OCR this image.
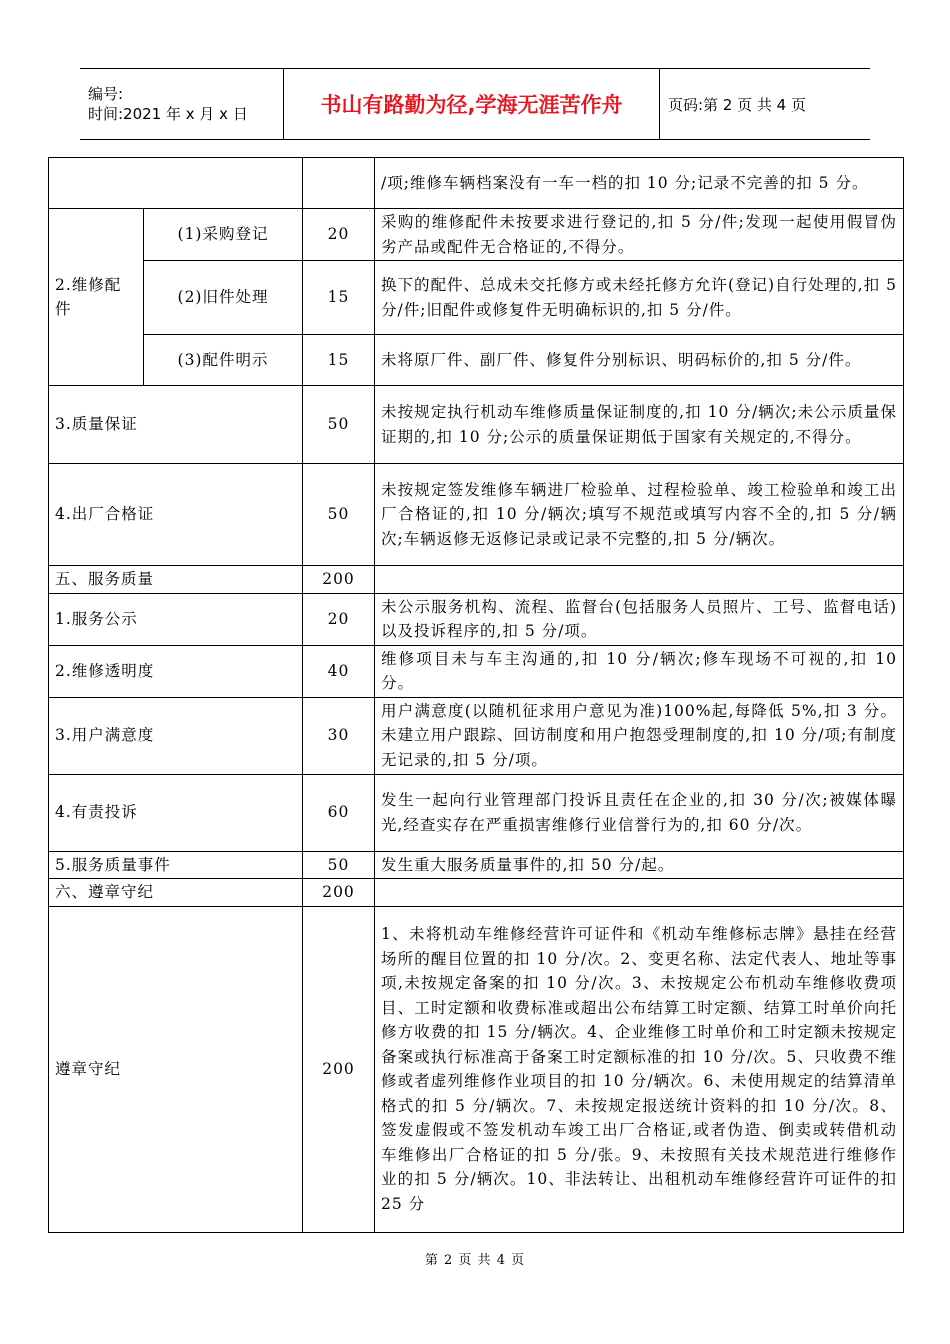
编号:
时间:2021 年 x 月 x 日	书山有路勤为径,学海无涯苦作舟	页码:第 2 页 共 4 页
			/项;维修车辆档案没有一车一档的扣 10 分;记录不完善的扣 5 分。
2.维修配件	(1)采购登记	20	采购的维修配件未按要求进行登记的,扣 5 分/件;发现一起使用假冒伪劣产品或配件无合格证的,不得分。
	(2)旧件处理	15	换下的配件、总成未交托修方或未经托修方允许(登记)自行处理的,扣 5 分/件;旧配件或修复件无明确标识的,扣 5 分/件。
	(3)配件明示	15	未将原厂件、副厂件、修复件分别标识、明码标价的,扣 5 分/件。
3.质量保证		50	未按规定执行机动车维修质量保证制度的,扣 10 分/辆次;未公示质量保证期的,扣 10 分;公示的质量保证期低于国家有关规定的,不得分。
4.出厂合格证		50	未按规定签发维修车辆进厂检验单、过程检验单、竣工检验单和竣工出厂合格证的,扣 10 分/辆次;填写不规范或填写内容不全的,扣 5 分/辆次;车辆返修无返修记录或记录不完整的,扣 5 分/辆次。
五、服务质量		200	
1.服务公示		20	未公示服务机构、流程、监督台(包括服务人员照片、工号、监督电话)以及投诉程序的,扣 5 分/项。
2.维修透明度		40	维修项目未与车主沟通的,扣 10 分/辆次;修车现场不可视的,扣 10 分。
3.用户满意度		30	用户满意度(以随机征求用户意见为准)100%起,每降低 5%,扣 3 分。未建立用户跟踪、回访制度和用户抱怨受理制度的,扣 10 分/项;有制度无记录的,扣 5 分/项。
4.有责投诉		60	发生一起向行业管理部门投诉且责任在企业的,扣 30 分/次;被媒体曝光,经查实存在严重损害维修行业信誉行为的,扣 60 分/次。
5.服务质量事件		50	发生重大服务质量事件的,扣 50 分/起。
六、遵章守纪		200	
遵章守纪		200	1、未将机动车维修经营许可证件和《机动车维修标志牌》悬挂在经营场所的醒目位置的扣 10 分/次。2、变更名称、法定代表人、地址等事项,未按规定备案的扣 10 分/次。3、未按规定公布机动车维修收费项目、工时定额和收费标准或超出公布结算工时定额、结算工时单价向托修方收费的扣 15 分/辆次。4、企业维修工时单价和工时定额未按规定备案或执行标准高于备案工时定额标准的扣 10 分/次。5、只收费不维修或者虚列维修作业项目的扣 10 分/辆次。6、未使用规定的结算清单格式的扣 5 分/辆次。7、未按规定报送统计资料的扣 10 分/次。8、签发虚假或不签发机动车竣工出厂合格证,或者伪造、倒卖或转借机动车维修出厂合格证的扣 5 分/张。9、未按照有关技术规范进行维修作业的扣 5 分/辆次。10、非法转让、出租机动车维修经营许可证件的扣 25 分
第 2 页 共 4 页
